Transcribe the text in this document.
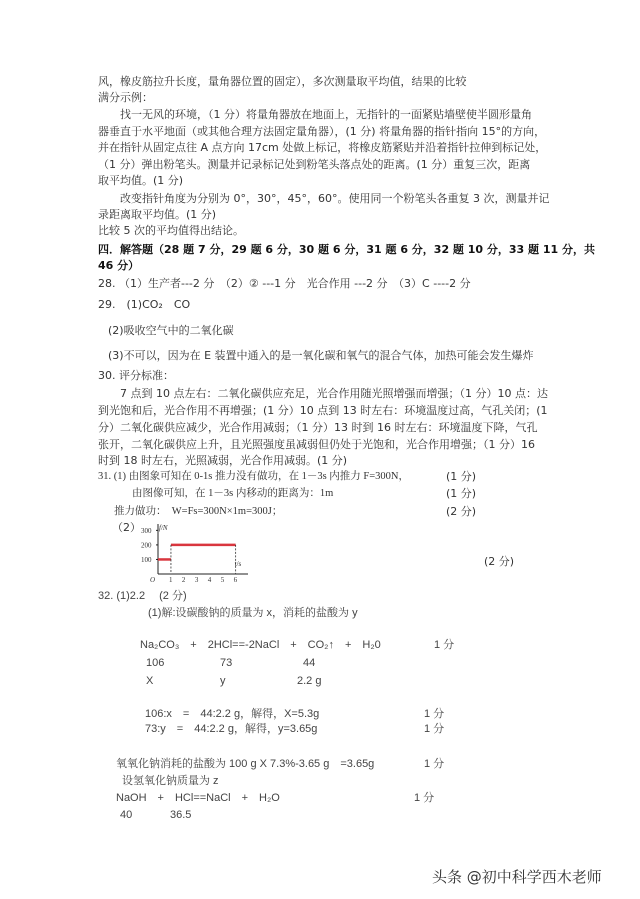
风，橡皮筋拉升长度，量角器位置的固定），多次测量取平均值，结果的比较
满分示例：
找一无风的环境，（1 分）将量角器放在地面上，无指针的一面紧贴墙壁使半圆形量角
器垂直于水平地面（或其他合理方法固定量角器），(1 分) 将量角器的指针指向 15°的方向，
并在指针从固定点往 A 点方向 17cm 处做上标记，将橡皮筋紧贴并沿着指针拉伸到标记处，
（1 分）弹出粉笔头。测量并记录标记处到粉笔头落点处的距离。(1 分）重复三次，距离
取平均值。(1 分)
改变指针角度为分别为 0°，30°，45°，60°。使用同一个粉笔头各重复 3 次，测量并记
录距离取平均值。(1 分)
比较 5 次的平均值得出结论。
四．解答题（28 题 7 分，29 题 6 分，30 题 6 分，31 题 6 分，32 题 10 分，33 题 11 分，共
46 分）
28. （1）生产者---2 分　（2）② ---1 分　光合作用 ---2 分　（3）C ----2 分
29.　(1)CO₂　CO
(2)吸收空气中的二氧化碳
(3)不可以，因为在 E 装置中通入的是一氧化碳和氧气的混合气体，加热可能会发生爆炸
30. 评分标准：
7 点到 10 点左右：二氧化碳供应充足，光合作用随光照增强而增强；（1 分）10 点：达
到光饱和后，光合作用不再增强；(1 分）10 点到 13 时左右：环境温度过高，气孔关闭；(1
分）二氧化碳供应减少，光合作用减弱；（1 分）13 时到 16 时左右：环境温度下降，气孔
张开，二氧化碳供应上升，且光照强度虽减弱但仍处于光饱和，光合作用增强；（1 分）16
时到 18 时左右，光照减弱，光合作用减弱。(1 分)
31. (1) 由图象可知在 0-1s 推力没有做功，在 1－3s 内推力 F=300N，	(1 分)
由图像可知，在 1－3s 内移动的距离为：1m	(1 分)
推力做功：　W=Fs=300N×1m=300J；	(2 分)
（2）
(2 分)
f/N
t/s
O
100
200
300
1 2 3 4 5 6
32. (1)2.2　 (2 分)
(1)解:设碳酸钠的质量为 x，消耗的盐酸为 y
Na₂CO₃　+　2HCl==-2NaCl　+　CO₂↑　+　H₂0	1 分
106	73	44
X	y	2.2 g
106:x　=　44:2.2 g，解得，X=5.3g	1 分
73:y　=　44:2.2 g，解得，y=3.65g	1 分
氧氧化钠消耗的盐酸为 100 g X 7.3%-3.65 g　=3.65g	1 分
设氢氧化钠质量为 z
NaOH　+　HCl==NaCl　+　H₂O	1 分
40	36.5
头条 @初中科学西木老师
